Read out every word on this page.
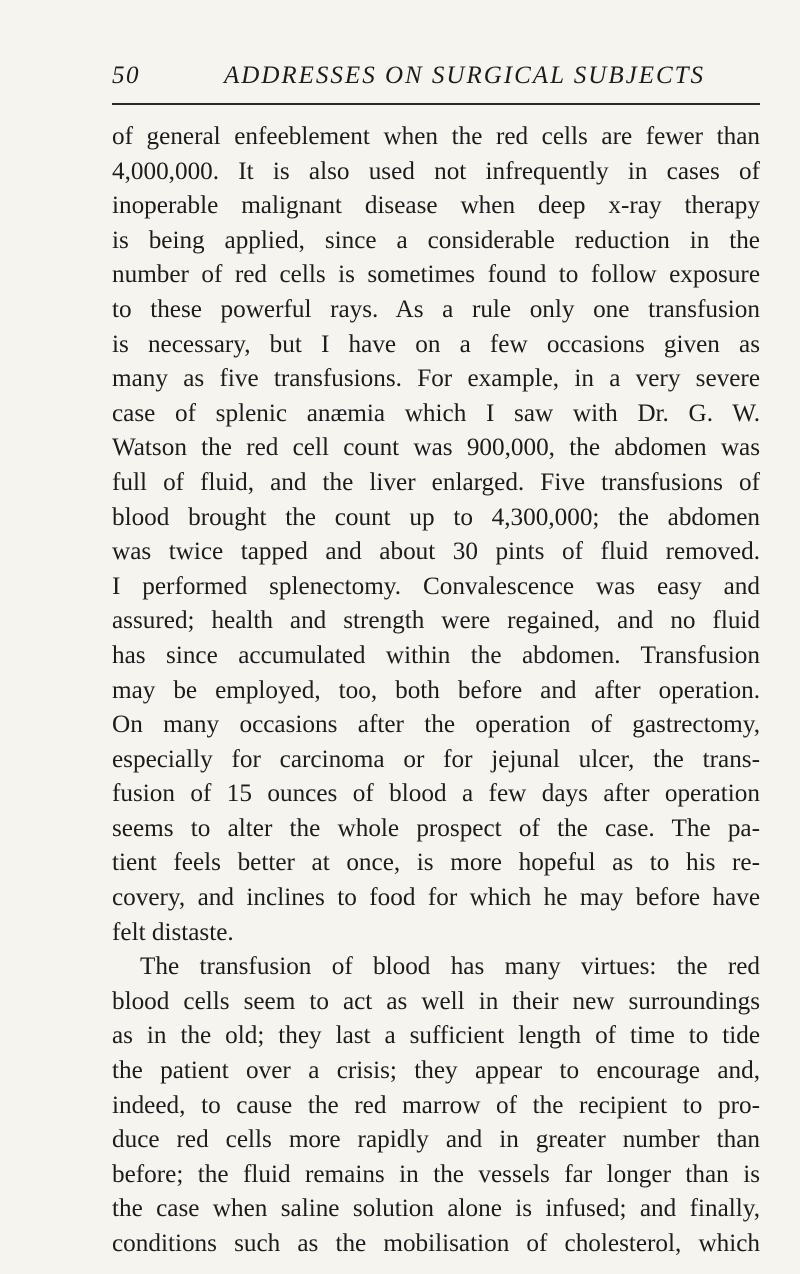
50	ADDRESSES ON SURGICAL SUBJECTS
of general enfeeblement when the red cells are fewer than
4,000,000. It is also used not infrequently in cases of
inoperable malignant disease when deep x-ray therapy
is being applied, since a considerable reduction in the
number of red cells is sometimes found to follow exposure
to these powerful rays. As a rule only one transfusion
is necessary, but I have on a few occasions given as
many as five transfusions. For example, in a very severe
case of splenic anæmia which I saw with Dr. G. W.
Watson the red cell count was 900,000, the abdomen was
full of fluid, and the liver enlarged. Five transfusions of
blood brought the count up to 4,300,000; the abdomen
was twice tapped and about 30 pints of fluid removed.
I performed splenectomy. Convalescence was easy and
assured; health and strength were regained, and no fluid
has since accumulated within the abdomen. Transfusion
may be employed, too, both before and after operation.
On many occasions after the operation of gastrectomy,
especially for carcinoma or for jejunal ulcer, the trans-
fusion of 15 ounces of blood a few days after operation
seems to alter the whole prospect of the case. The pa-
tient feels better at once, is more hopeful as to his re-
covery, and inclines to food for which he may before have
felt distaste.
The transfusion of blood has many virtues: the red
blood cells seem to act as well in their new surroundings
as in the old; they last a sufficient length of time to tide
the patient over a crisis; they appear to encourage and,
indeed, to cause the red marrow of the recipient to pro-
duce red cells more rapidly and in greater number than
before; the fluid remains in the vessels far longer than is
the case when saline solution alone is infused; and finally,
conditions such as the mobilisation of cholesterol, which
